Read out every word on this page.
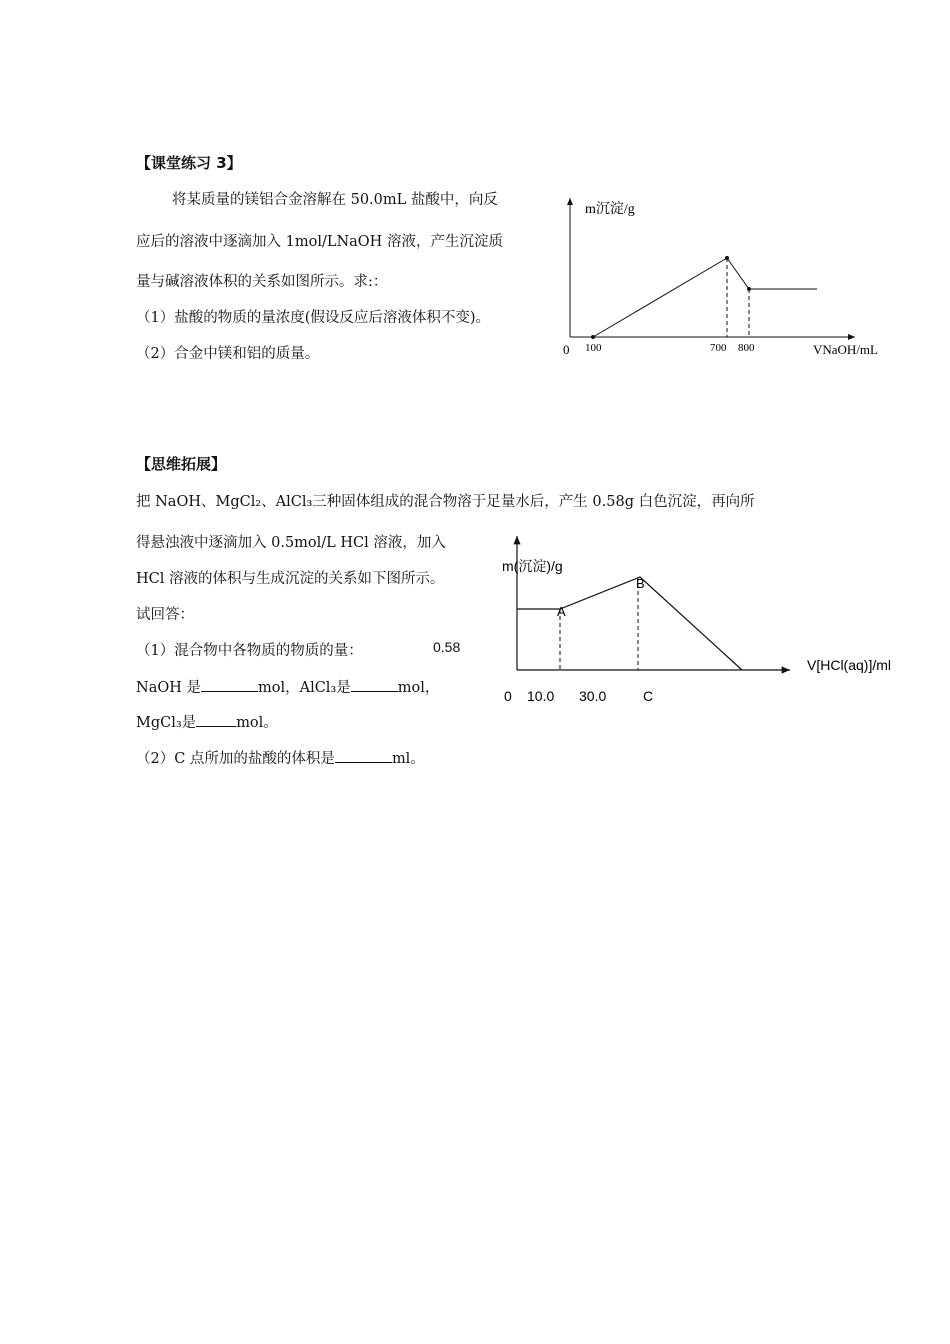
【课堂练习 3】
将某质量的镁铝合金溶解在 50.0mL 盐酸中，向反
应后的溶液中逐滴加入 1mol/LNaOH 溶液，产生沉淀质
量与碱溶液体积的关系如图所示。求:：
（1）盐酸的物质的量浓度(假设反应后溶液体积不变)。
（2）合金中镁和铝的质量。
m沉淀/g
0 100	700 800	VNaOH/mL
【思维拓展】
把 NaOH、MgCl₂、AlCl₃三种固体组成的混合物溶于足量水后，产生 0.58g 白色沉淀，再向所
得悬浊液中逐滴加入 0.5mol/L HCl 溶液，加入
HCl 溶液的体积与生成沉淀的关系如下图所示。
试回答：
（1）混合物中各物质的物质的量：	0.58
NaOH 是	mol，AlCl₃是	mol，
MgCl₃是	mol。
（2）C 点所加的盐酸的体积是	ml。
m(沉淀)/g
A
B
0 10.0 30.0	C
V[HCl(aq)]/ml
